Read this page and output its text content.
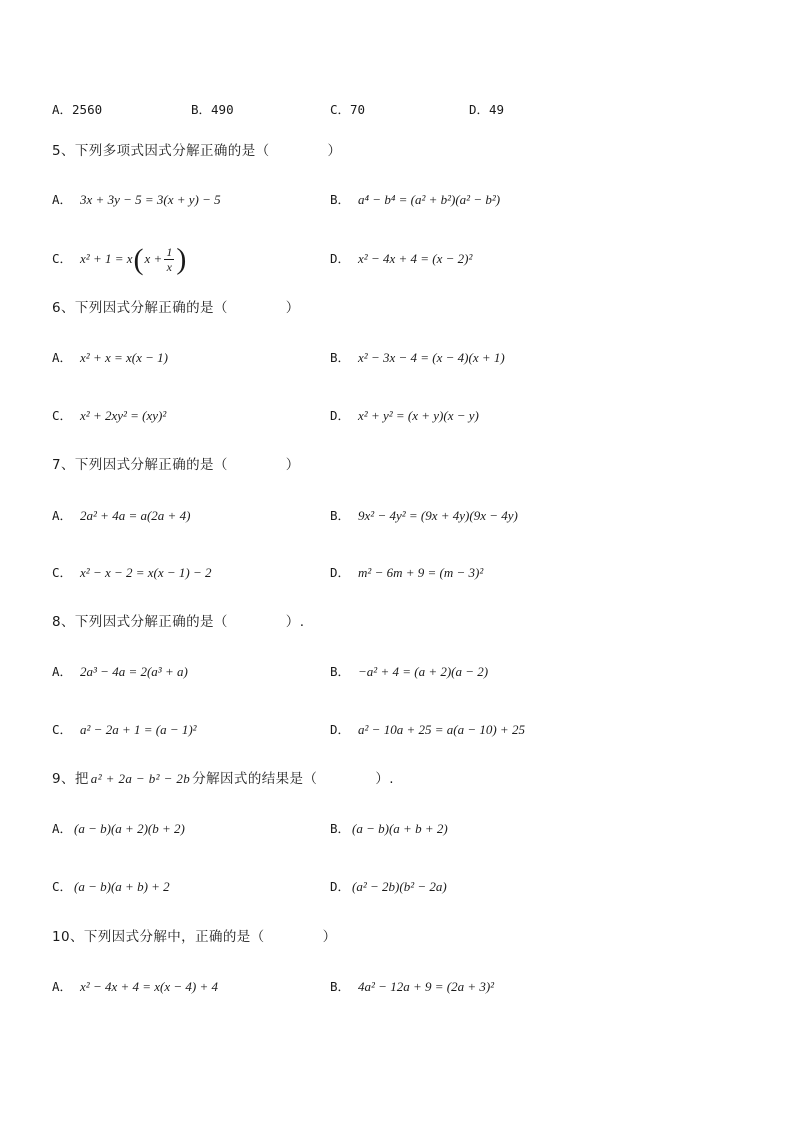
A．2560	B．490	C．70	D．49
5、下列多项式因式分解正确的是（	）
A． 3x + 3y − 5 = 3(x + y) − 5	B． a⁴ − b⁴ = (a² + b²)(a² − b²)
C． $x^2 + 1 = x(x + \frac{1}{x}$ )	D． x² − 4x + 4 = (x − 2)²
6、下列因式分解正确的是（	）
A． x² + x = x(x − 1)	B． x² − 3x − 4 = (x − 4)(x + 1)
C． x² + 2xy² = (xy)²	D． x² + y² = (x + y)(x − y)
7、下列因式分解正确的是（	）
A． 2a² + 4a = a(2a + 4)	B． 9x² − 4y² = (9x + 4y)(9x − 4y)
C． x² − x − 2 = x(x − 1) − 2	D． m² − 6m + 9 = (m − 3)²
8、下列因式分解正确的是（	）.
A． 2a³ − 4a = 2(a³ + a)	B． −a² + 4 = (a + 2)(a − 2)
C． a² − 2a + 1 = (a − 1)²	D． a² − 10a + 25 = a(a − 10) + 25
9、把 a² + 2a − b² − 2b 分解因式的结果是（	）.
A． (a − b)(a + 2)(b + 2)	B． (a − b)(a + b + 2)
C． (a − b)(a + b) + 2	D． (a² − 2b)(b² − 2a)
10、下列因式分解中，正确的是（	）
A． x² − 4x + 4 = x(x − 4) + 4	B． 4a² − 12a + 9 = (2a + 3)²
